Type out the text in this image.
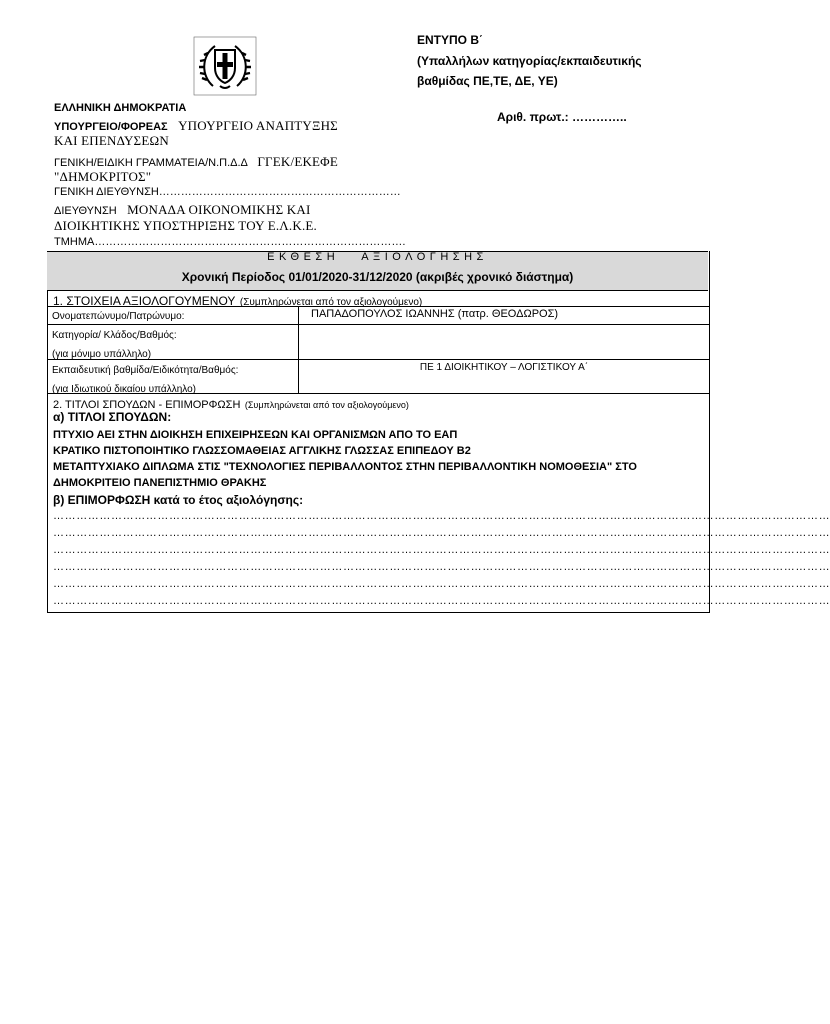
ΕΝΤΥΠΟ Β΄
(Υπαλλήλων κατηγορίας/εκπαιδευτικής
βαθμίδας ΠΕ,ΤΕ, ΔΕ, ΥΕ)
Αριθ. πρωτ.: …………..
ΕΛΛΗΝΙΚΗ ΔΗΜΟΚΡΑΤΙΑ
ΥΠΟΥΡΓΕΙΟ/ΦΟΡΕΑΣ ΥΠΟΥΡΓΕΙΟ ΑΝΑΠΤΥΞΗΣ
ΚΑΙ ΕΠΕΝΔΥΣΕΩΝ
ΓΕΝΙΚΗ/ΕΙΔΙΚΗ ΓΡΑΜΜΑΤΕΙΑ/Ν.Π.Δ.Δ ΓΓΕΚ/ΕΚΕΦΕ
"ΔΗΜΟΚΡΙΤΟΣ"
ΓΕΝΙΚΗ ΔΙΕΥΘΥΝΣΗ…………………………………………………………
ΔΙΕΥΘΥΝΣΗ ΜΟΝΑΔΑ ΟΙΚΟΝΟΜΙΚΗΣ ΚΑΙ
ΔΙΟΙΚΗΤΙΚΗΣ ΥΠΟΣΤΗΡΙΞΗΣ ΤΟΥ Ε.Λ.Κ.Ε.
ΤΜΗΜΑ………………………………………………………………………….
ΕΚΘΕΣΗ   ΑΞΙΟΛΟΓΗΣΗΣ
Χρονική Περίοδος 01/01/2020-31/12/2020 (ακριβές χρονικό διάστημα)
1. ΣΤΟΙΧΕΙΑ ΑΞΙΟΛΟΓΟΥΜΕΝΟΥ (Συμπληρώνεται από τον αξιολογούμενο)
Ονοματεπώνυμο/Πατρώνυμο:	ΠΑΠΑΔΟΠΟΥΛΟΣ ΙΩΑΝΝΗΣ (πατρ. ΘΕΟΔΩΡΟΣ)
Κατηγορία/ Κλάδος/Βαθμός:
(για μόνιμο υπάλληλο)
Εκπαιδευτική βαθμίδα/Ειδικότητα/Βαθμός:
(για Ιδιωτικού δικαίου υπάλληλο)
ΠΕ 1 ΔΙΟΙΚΗΤΙΚΟΥ – ΛΟΓΙΣΤΙΚΟΥ Α΄
2. ΤΙΤΛΟΙ ΣΠΟΥΔΩΝ - ΕΠΙΜΟΡΦΩΣΗ (Συμπληρώνεται από τον αξιολογούμενο)
α) ΤΙΤΛΟΙ ΣΠΟΥΔΩΝ:
ΠΤΥΧΙΟ ΑΕΙ ΣΤΗΝ ΔΙΟΙΚΗΣΗ ΕΠΙΧΕΙΡΗΣΕΩΝ ΚΑΙ ΟΡΓΑΝΙΣΜΩΝ ΑΠΟ ΤΟ ΕΑΠ
ΚΡΑΤΙΚΟ ΠΙΣΤΟΠΟΙΗΤΙΚΟ ΓΛΩΣΣΟΜΑΘΕΙΑΣ ΑΓΓΛΙΚΗΣ ΓΛΩΣΣΑΣ ΕΠΙΠΕΔΟΥ Β2
ΜΕΤΑΠΤΥΧΙΑΚΟ ΔΙΠΛΩΜΑ ΣΤΙΣ "ΤΕΧΝΟΛΟΓΙΕΣ ΠΕΡΙΒΑΛΛΟΝΤΟΣ ΣΤΗΝ ΠΕΡΙΒΑΛΛΟΝΤΙΚΗ ΝΟΜΟΘΕΣΙΑ" ΣΤΟ
ΔΗΜΟΚΡΙΤΕΙΟ ΠΑΝΕΠΙΣΤΗΜΙΟ ΘΡΑΚΗΣ
β) ΕΠΙΜΟΡΦΩΣΗ κατά το έτος αξιολόγησης:
…………………………………………………………………………………………………………………………………………………………………………………
…………………………………………………………………………………………………………………………………………………………………………………
…………………………………………………………………………………………………………………………………………………………………………………
…………………………………………………………………………………………………………………………………………………………………………………
…………………………………………………………………………………………………………………………………………………………………………………
…………………………………………………………………………………………………………………………………………………………………………………
